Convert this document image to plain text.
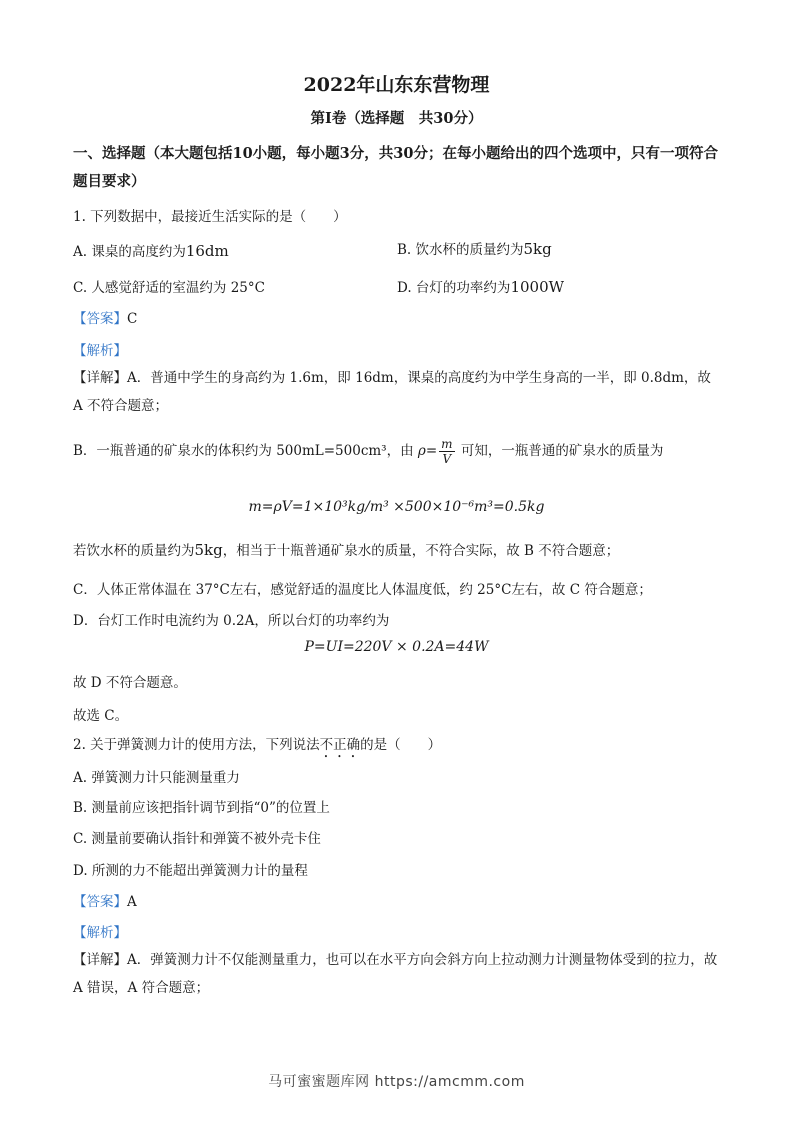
2022年山东东营物理
第Ⅰ卷（选择题　共30分）
一、选择题（本大题包括10小题，每小题3分，共30分；在每小题给出的四个选项中，只有一项符合题目要求）
1. 下列数据中，最接近生活实际的是（　　）
A. 课桌的高度约为16dm	B. 饮水杯的质量约为5kg
C. 人感觉舒适的室温约为 25°C	D. 台灯的功率约为1000W
【答案】C
【解析】
【详解】A．普通中学生的身高约为 1.6m，即 16dm，课桌的高度约为中学生身高的一半，即 0.8dm，故 A 不符合题意；
B．一瓶普通的矿泉水的体积约为 500mL=500cm³，由 $\rho= \frac{m}{V}$ 可知，一瓶普通的矿泉水的质量为
m=ρV=1×10³kg/m³ ×500×10⁻⁶m³=0.5kg
若饮水杯的质量约为5kg，相当于十瓶普通矿泉水的质量，不符合实际，故 B 不符合题意；
C．人体正常体温在 37°C左右，感觉舒适的温度比人体温度低，约 25°C左右，故 C 符合题意；
D．台灯工作时电流约为 0.2A，所以台灯的功率约为
P=UI=220V × 0.2A=44W
故 D 不符合题意。
故选 C。
2. 关于弹簧测力计的使用方法，下列说法不正确的是（　　）
A. 弹簧测力计只能测量重力
B. 测量前应该把指针调节到指“0”的位置上
C. 测量前要确认指针和弹簧不被外壳卡住
D. 所测的力不能超出弹簧测力计的量程
【答案】A
【解析】
【详解】A．弹簧测力计不仅能测量重力，也可以在水平方向会斜方向上拉动测力计测量物体受到的拉力，故 A 错误，A 符合题意；
马可蜜蜜题库网 https://amcmm.com
